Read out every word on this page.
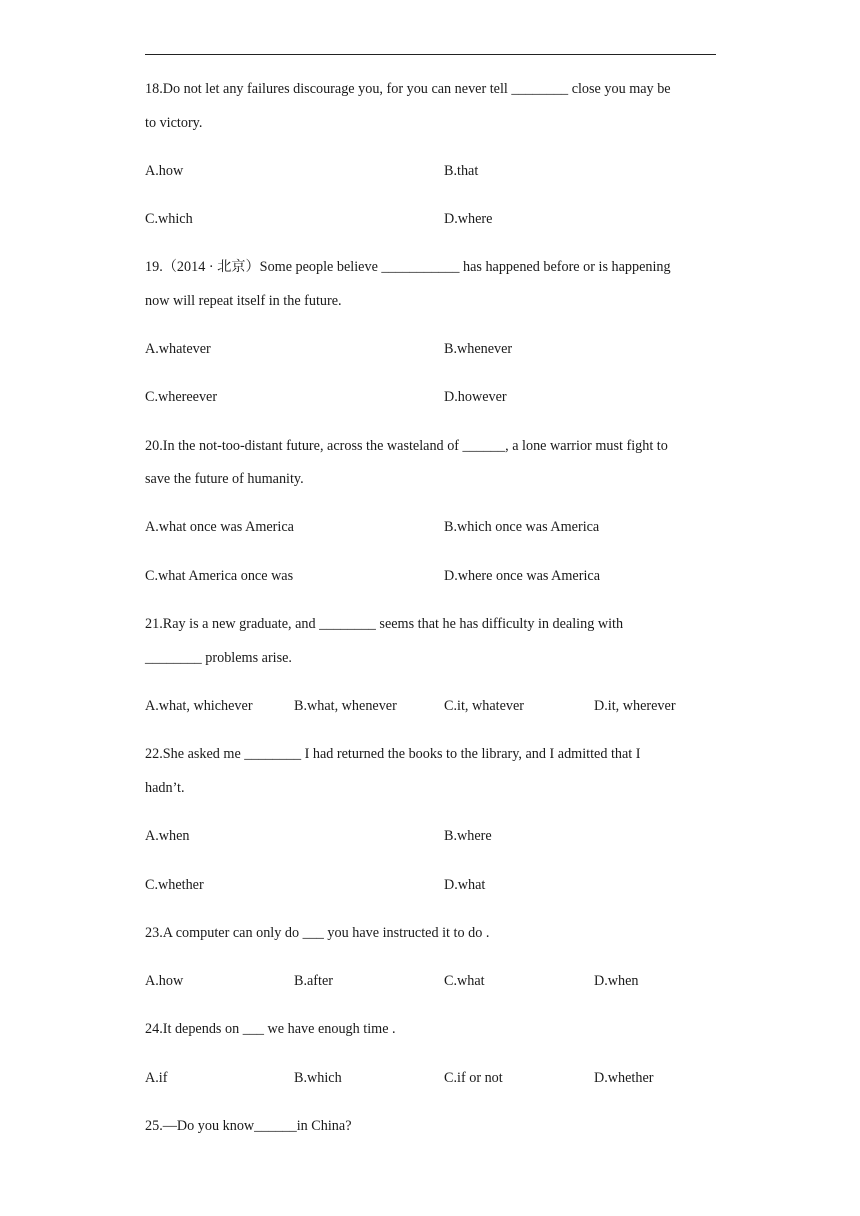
18.Do not let any failures discourage you, for you can never tell ________ close you may be
to victory.
A.how	B.that
C.which	D.where
19.（2014 · 北京）Some people believe ___________ has happened before or is happening
now will repeat itself in the future.
A.whatever	B.whenever
C.whereever	D.however
20.In the not-too-distant future, across the wasteland of ______, a lone warrior must fight to
save the future of humanity.
A.what once was America	B.which once was America
C.what America once was	D.where once was America
21.Ray is a new graduate, and ________ seems that he has difficulty in dealing with
________ problems arise.
A.what, whichever	B.what, whenever	C.it, whatever	D.it, wherever
22.She asked me ________ I had returned the books to the library, and I admitted that I
hadn’t.
A.when	B.where
C.whether	D.what
23.A computer can only do ___ you have instructed it to do .
A.how	B.after	C.what	D.when
24.It depends on ___ we have enough time .
A.if	B.which	C.if or not	D.whether
25.—Do you know______in China?
